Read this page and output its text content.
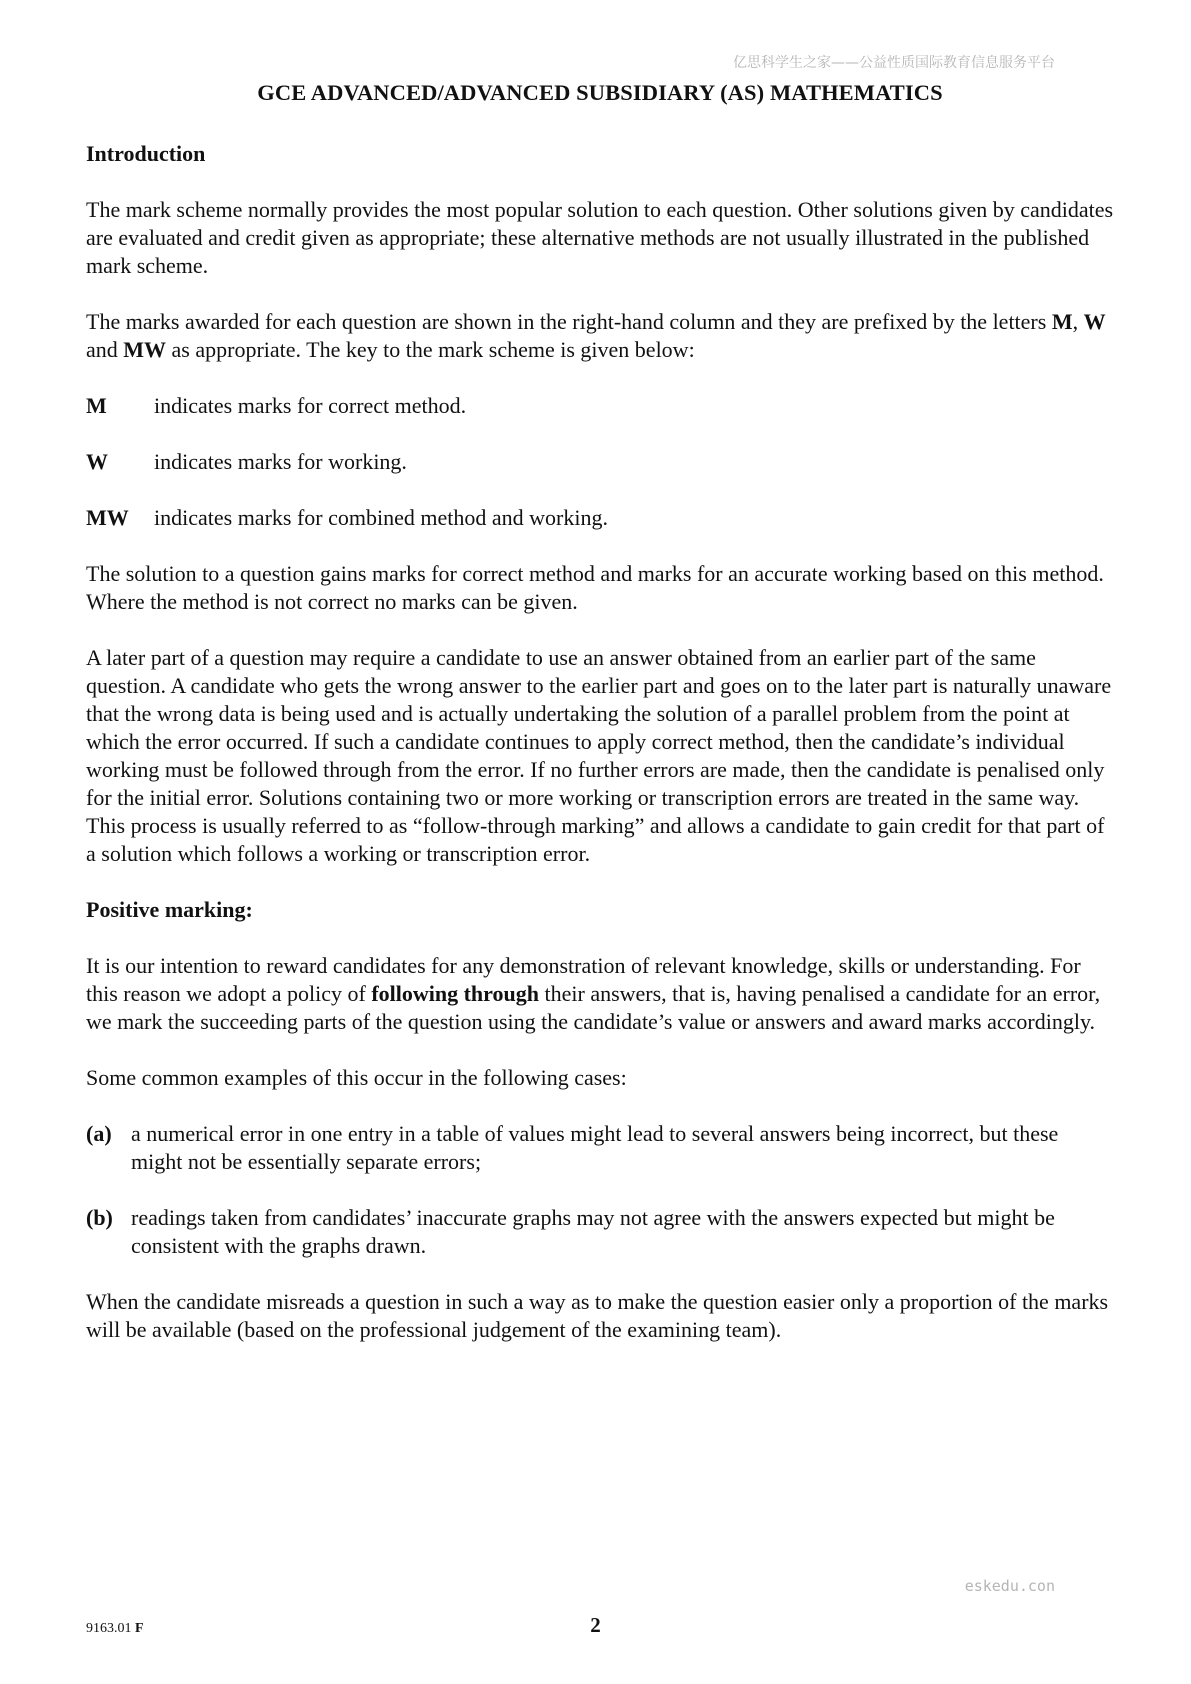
亿思科学生之家——公益性质国际教育信息服务平台
GCE ADVANCED/ADVANCED SUBSIDIARY (AS) MATHEMATICS

Introduction

The mark scheme normally provides the most popular solution to each question. Other solutions given by candidates are evaluated and credit given as appropriate; these alternative methods are not usually illustrated in the published mark scheme.

The marks awarded for each question are shown in the right-hand column and they are prefixed by the letters M, W and MW as appropriate. The key to the mark scheme is given below:

M	indicates marks for correct method.
W	indicates marks for working.
MW	indicates marks for combined method and working.

The solution to a question gains marks for correct method and marks for an accurate working based on this method. Where the method is not correct no marks can be given.

A later part of a question may require a candidate to use an answer obtained from an earlier part of the same question. A candidate who gets the wrong answer to the earlier part and goes on to the later part is naturally unaware that the wrong data is being used and is actually undertaking the solution of a parallel problem from the point at which the error occurred. If such a candidate continues to apply correct method, then the candidate’s individual working must be followed through from the error. If no further errors are made, then the candidate is penalised only for the initial error. Solutions containing two or more working or transcription errors are treated in the same way. This process is usually referred to as “follow-through marking” and allows a candidate to gain credit for that part of a solution which follows a working or transcription error.

Positive marking:

It is our intention to reward candidates for any demonstration of relevant knowledge, skills or understanding. For this reason we adopt a policy of following through their answers, that is, having penalised a candidate for an error, we mark the succeeding parts of the question using the candidate’s value or answers and award marks accordingly.

Some common examples of this occur in the following cases:

(a) a numerical error in one entry in a table of values might lead to several answers being incorrect, but these might not be essentially separate errors;
(b) readings taken from candidates’ inaccurate graphs may not agree with the answers expected but might be consistent with the graphs drawn.

When the candidate misreads a question in such a way as to make the question easier only a proportion of the marks will be available (based on the professional judgement of the examining team).

eskedu.con
9163.01 F	2
